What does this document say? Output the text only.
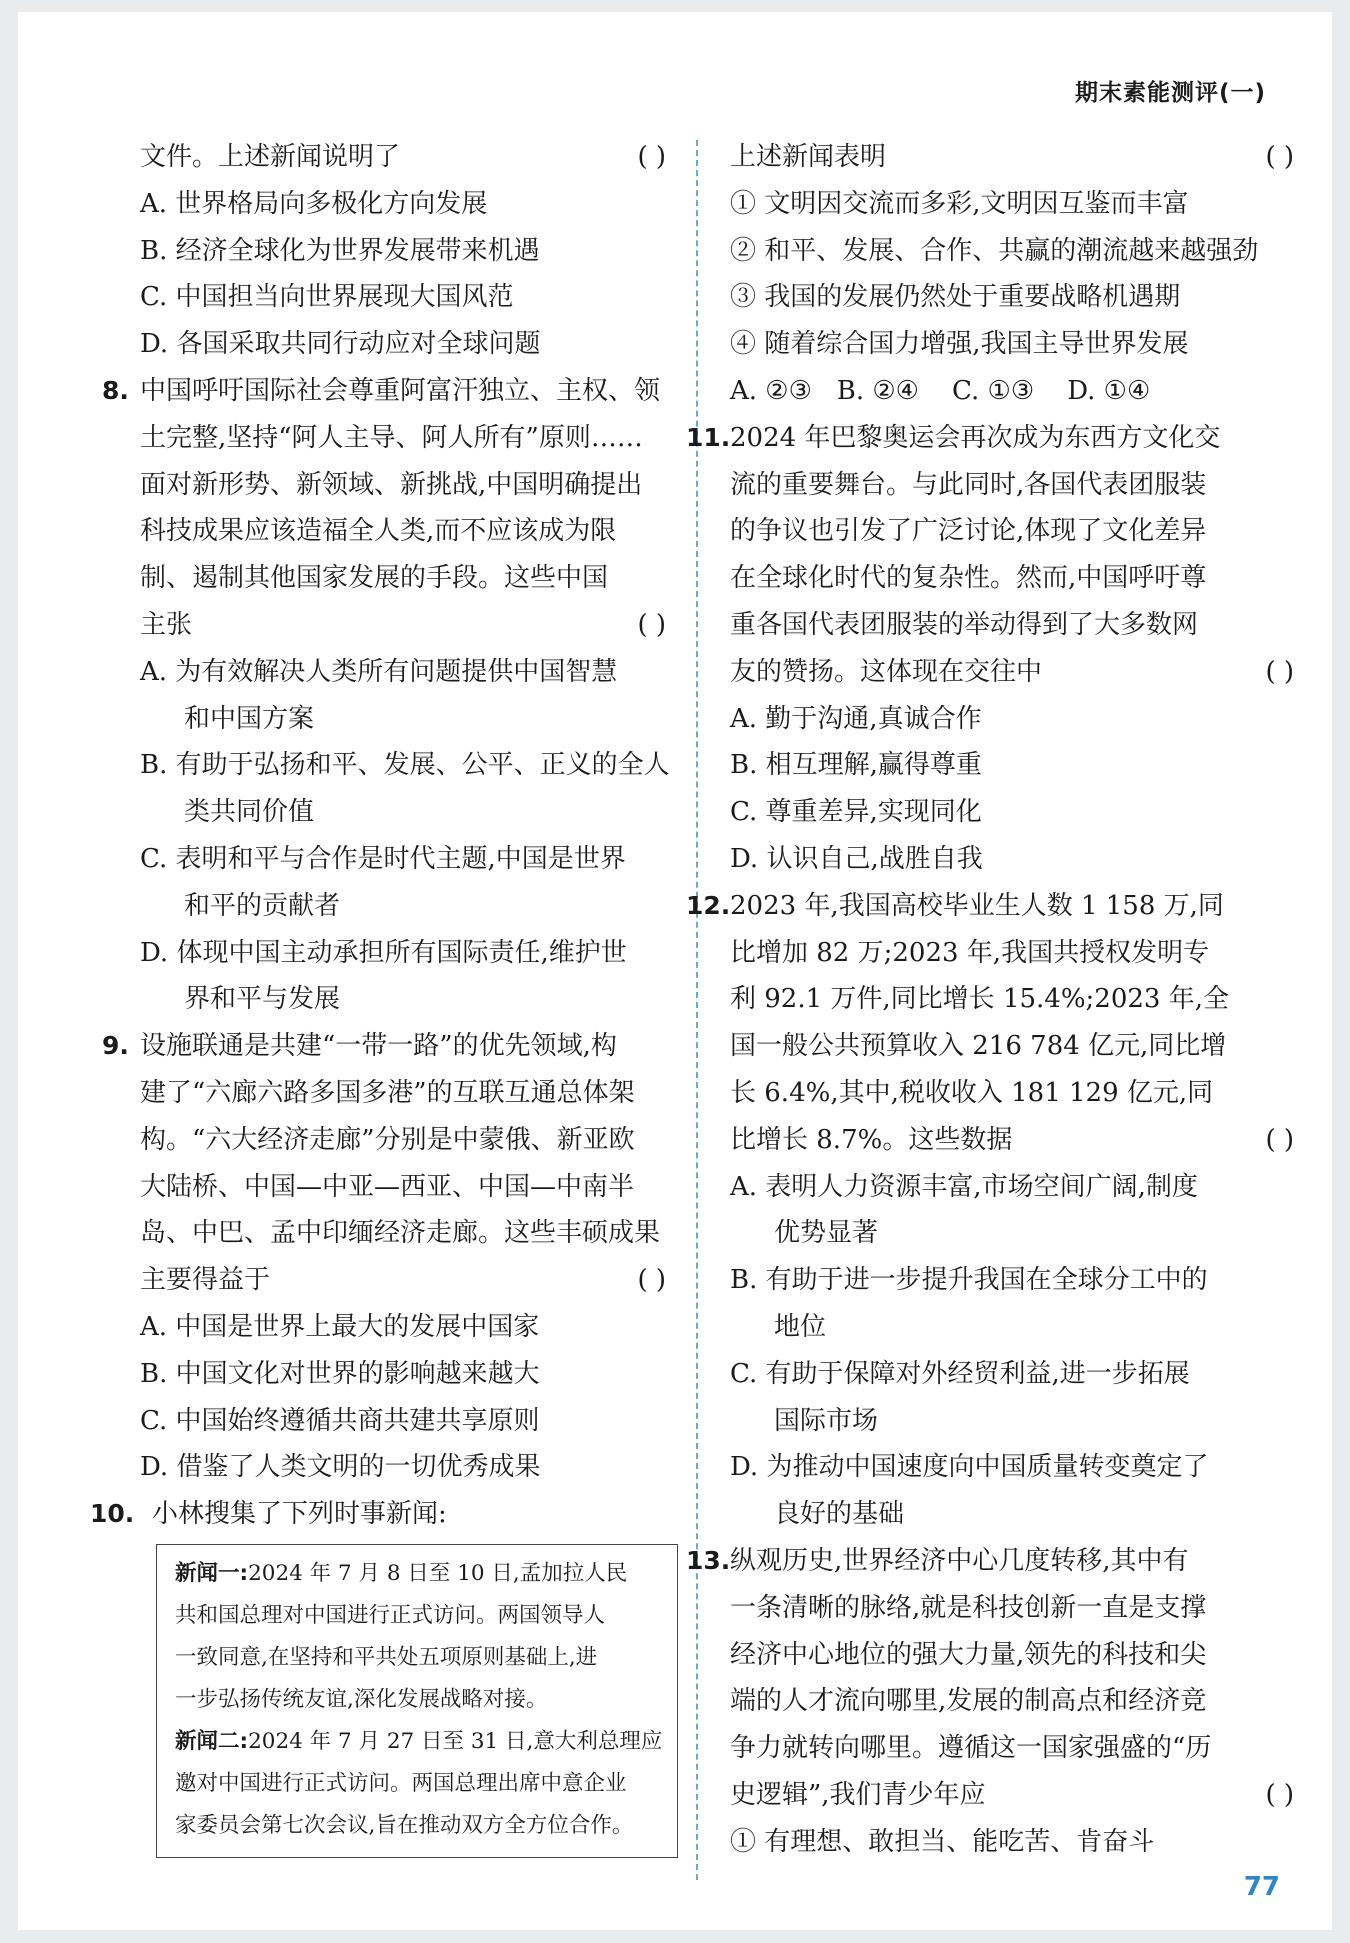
期末素能测评(一)
文件。上述新闻说明了	( )
A. 世界格局向多极化方向发展
B. 经济全球化为世界发展带来机遇
C. 中国担当向世界展现大国风范
D. 各国采取共同行动应对全球问题
8. 中国呼吁国际社会尊重阿富汗独立、主权、领
土完整,坚持“阿人主导、阿人所有”原则……
面对新形势、新领域、新挑战,中国明确提出
科技成果应该造福全人类,而不应该成为限
制、遏制其他国家发展的手段。这些中国
主张	( )
A. 为有效解决人类所有问题提供中国智慧
和中国方案
B. 有助于弘扬和平、发展、公平、正义的全人
类共同价值
C. 表明和平与合作是时代主题,中国是世界
和平的贡献者
D. 体现中国主动承担所有国际责任,维护世
界和平与发展
9. 设施联通是共建“一带一路”的优先领域,构
建了“六廊六路多国多港”的互联互通总体架
构。“六大经济走廊”分别是中蒙俄、新亚欧
大陆桥、中国—中亚—西亚、中国—中南半
岛、中巴、孟中印缅经济走廊。这些丰硕成果
主要得益于	( )
A. 中国是世界上最大的发展中国家
B. 中国文化对世界的影响越来越大
C. 中国始终遵循共商共建共享原则
D. 借鉴了人类文明的一切优秀成果
10. 小林搜集了下列时事新闻:
新闻一:2024 年 7 月 8 日至 10 日,孟加拉人民
共和国总理对中国进行正式访问。两国领导人
一致同意,在坚持和平共处五项原则基础上,进
一步弘扬传统友谊,深化发展战略对接。
新闻二:2024 年 7 月 27 日至 31 日,意大利总理应
邀对中国进行正式访问。两国总理出席中意企业
家委员会第七次会议,旨在推动双方全方位合作。
上述新闻表明	( )
① 文明因交流而多彩,文明因互鉴而丰富
② 和平、发展、合作、共赢的潮流越来越强劲
③ 我国的发展仍然处于重要战略机遇期
④ 随着综合国力增强,我国主导世界发展
A. ②③   B. ②④    C. ①③    D. ①④
11. 2024 年巴黎奥运会再次成为东西方文化交
流的重要舞台。与此同时,各国代表团服装
的争议也引发了广泛讨论,体现了文化差异
在全球化时代的复杂性。然而,中国呼吁尊
重各国代表团服装的举动得到了大多数网
友的赞扬。这体现在交往中	( )
A. 勤于沟通,真诚合作
B. 相互理解,赢得尊重
C. 尊重差异,实现同化
D. 认识自己,战胜自我
12. 2023 年,我国高校毕业生人数 1 158 万,同
比增加 82 万;2023 年,我国共授权发明专
利 92.1 万件,同比增长 15.4%;2023 年,全
国一般公共预算收入 216 784 亿元,同比增
长 6.4%,其中,税收收入 181 129 亿元,同
比增长 8.7%。这些数据	( )
A. 表明人力资源丰富,市场空间广阔,制度
优势显著
B. 有助于进一步提升我国在全球分工中的
地位
C. 有助于保障对外经贸利益,进一步拓展
国际市场
D. 为推动中国速度向中国质量转变奠定了
良好的基础
13. 纵观历史,世界经济中心几度转移,其中有
一条清晰的脉络,就是科技创新一直是支撑
经济中心地位的强大力量,领先的科技和尖
端的人才流向哪里,发展的制高点和经济竞
争力就转向哪里。遵循这一国家强盛的“历
史逻辑”,我们青少年应	( )
① 有理想、敢担当、能吃苦、肯奋斗
77
